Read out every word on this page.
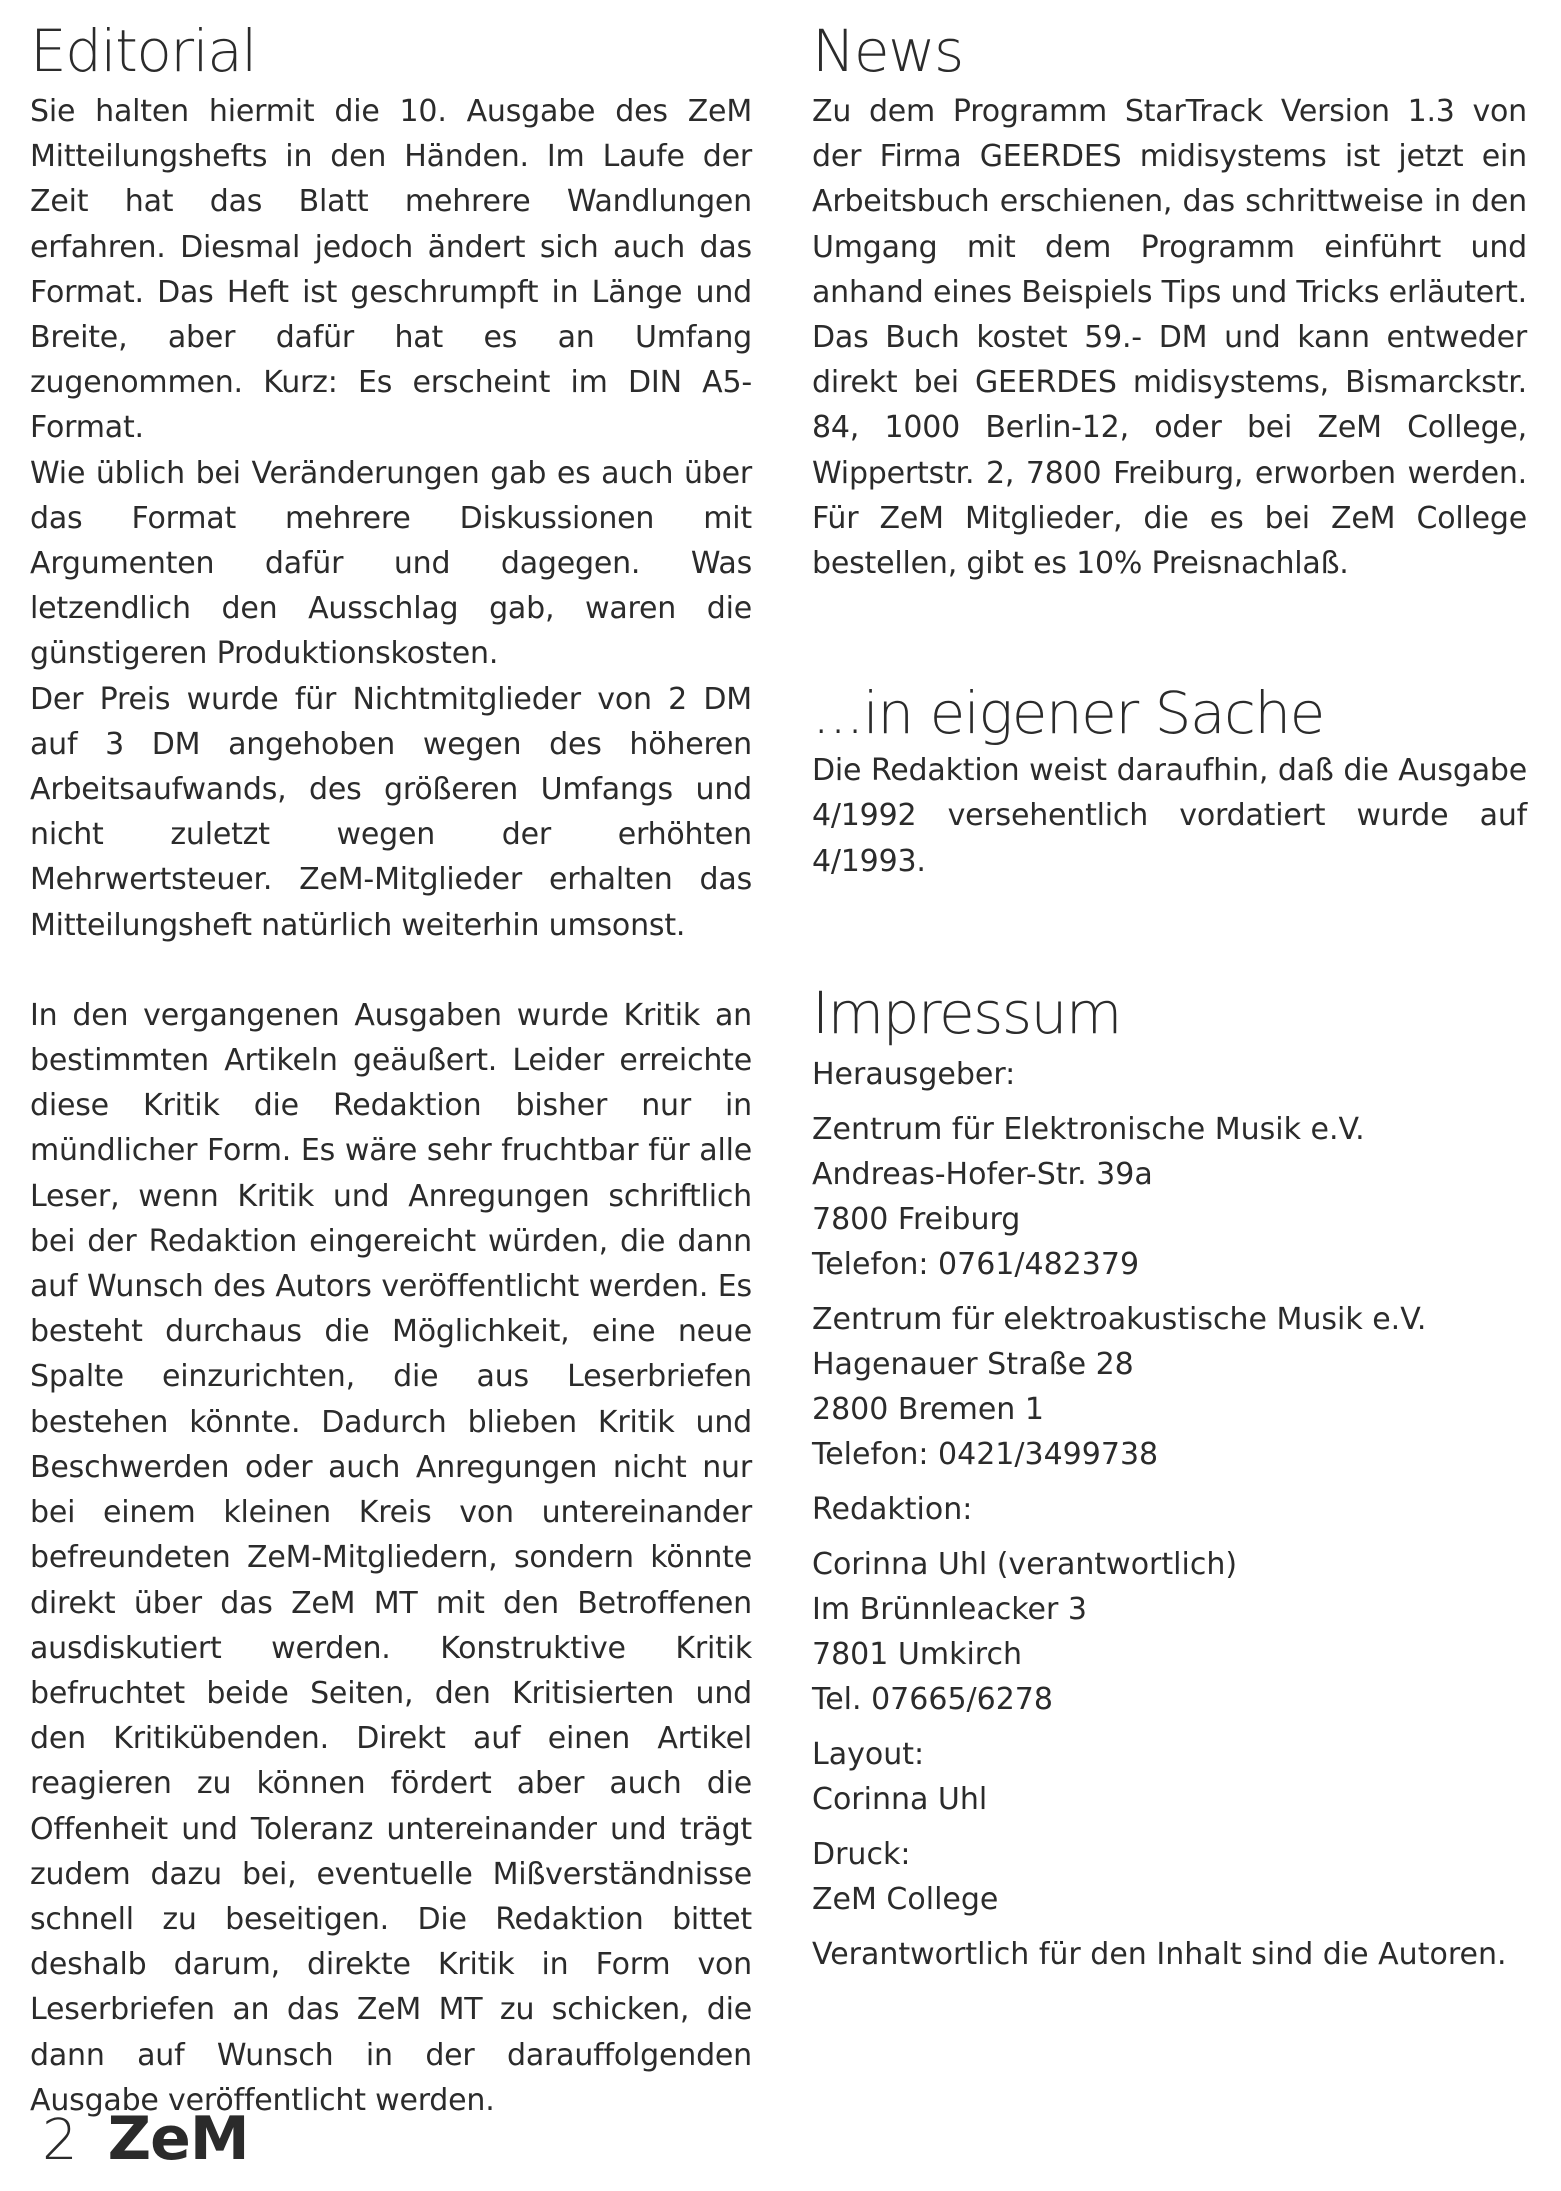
Editorial

Sie halten hiermit die 10. Ausgabe des ZeM Mitteilungshefts in den Händen. Im Laufe der Zeit hat das Blatt mehrere Wandlungen erfahren. Diesmal jedoch ändert sich auch das Format. Das Heft ist geschrumpft in Länge und Breite, aber dafür hat es an Umfang zugenommen. Kurz: Es erscheint im DIN A5-Format.

Wie üblich bei Veränderungen gab es auch über das Format mehrere Diskussionen mit Argumenten dafür und dagegen. Was letzendlich den Ausschlag gab, waren die günstigeren Produktionskosten.

Der Preis wurde für Nichtmitglieder von 2 DM auf 3 DM angehoben wegen des höheren Arbeitsaufwands, des größeren Umfangs und nicht zuletzt wegen der erhöhten Mehrwertsteuer. ZeM-Mitglieder erhalten das Mitteilungsheft natürlich weiterhin umsonst.

In den vergangenen Ausgaben wurde Kritik an bestimmten Artikeln geäußert. Leider erreichte diese Kritik die Redaktion bisher nur in mündlicher Form. Es wäre sehr fruchtbar für alle Leser, wenn Kritik und Anregungen schriftlich bei der Redaktion eingereicht würden, die dann auf Wunsch des Autors veröffentlicht werden. Es besteht durchaus die Möglichkeit, eine neue Spalte einzurichten, die aus Leserbriefen bestehen könnte. Dadurch blieben Kritik und Beschwerden oder auch Anregungen nicht nur bei einem kleinen Kreis von untereinander befreundeten ZeM-Mitgliedern, sondern könnte direkt über das ZeM MT mit den Betroffenen ausdiskutiert werden. Konstruktive Kritik befruchtet beide Seiten, den Kritisierten und den Kritikübenden. Direkt auf einen Artikel reagieren zu können fördert aber auch die Offenheit und Toleranz untereinander und trägt zudem dazu bei, eventuelle Mißverständnisse schnell zu beseitigen. Die Redaktion bittet deshalb darum, direkte Kritik in Form von Leserbriefen an das ZeM MT zu schicken, die dann auf Wunsch in der darauffolgenden Ausgabe veröffentlicht werden.

News

Zu dem Programm StarTrack Version 1.3 von der Firma GEERDES midisystems ist jetzt ein Arbeitsbuch erschienen, das schrittweise in den Umgang mit dem Programm einführt und anhand eines Beispiels Tips und Tricks erläutert. Das Buch kostet 59.- DM und kann entweder direkt bei GEERDES midisystems, Bismarckstr. 84, 1000 Berlin-12, oder bei ZeM College, Wippertstr. 2, 7800 Freiburg, erworben werden. Für ZeM Mitglieder, die es bei ZeM College bestellen, gibt es 10% Preisnachlaß.

...in eigener Sache

Die Redaktion weist daraufhin, daß die Ausgabe 4/1992 versehentlich vordatiert wurde auf 4/1993.

Impressum

Herausgeber:

Zentrum für Elektronische Musik e.V.

Andreas-Hofer-Str. 39a

7800 Freiburg

Telefon: 0761/482379

Zentrum für elektroakustische Musik e.V.

Hagenauer Straße 28

2800 Bremen 1

Telefon: 0421/3499738

Redaktion:

Corinna Uhl (verantwortlich)

Im Brünnleacker 3

7801 Umkirch

Tel. 07665/6278

Layout:

Corinna Uhl

Druck:

ZeM College

Verantwortlich für den Inhalt sind die Autoren.

2 ZeM
